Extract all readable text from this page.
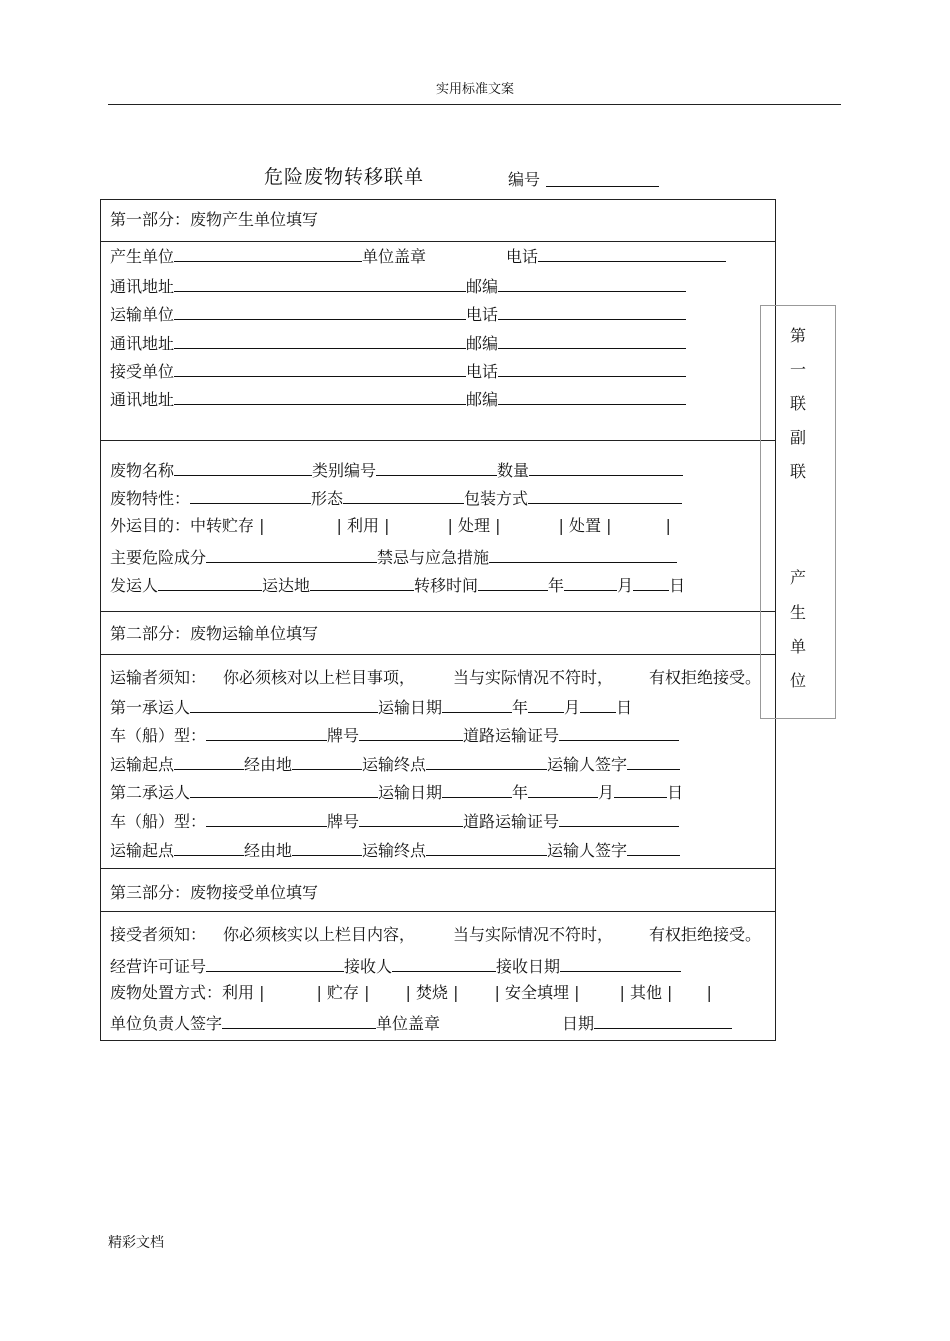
实用标准文案
危险废物转移联单	编号
第一部分：废物产生单位填写
产生单位	单位盖章	电话
通讯地址	邮编
运输单位	电话
通讯地址	邮编
接受单位	电话
通讯地址	邮编
废物名称	类别编号	数量
废物特性：	形态	包装方式
外运目的：中转贮存 |	| 利用 |	| 处理 |	| 处置 |	|
主要危险成分	禁忌与应急措施
发运人	运达地	转移时间	年	月 日
第二部分：废物运输单位填写
运输者须知： 你必须核对以上栏目事项， 当与实际情况不符时， 有权拒绝接受。
第一承运人	运输日期	年 月 日
车（船）型：	牌号	道路运输证号
运输起点	经由地	运输终点	运输人签字
第二承运人	运输日期	年	月	日
车（船）型：	牌号	道路运输证号
运输起点	经由地	运输终点	运输人签字
第三部分：废物接受单位填写
接受者须知： 你必须核实以上栏目内容， 当与实际情况不符时， 有权拒绝接受。
经营许可证号	接收人	接收日期
废物处置方式：利用 |	| 贮存 | | 焚烧 | | 安全填埋 |	| 其他 | |
单位负责人签字	单位盖章	日期
第
一
联
副
联
产
生
单
位
精彩文档
